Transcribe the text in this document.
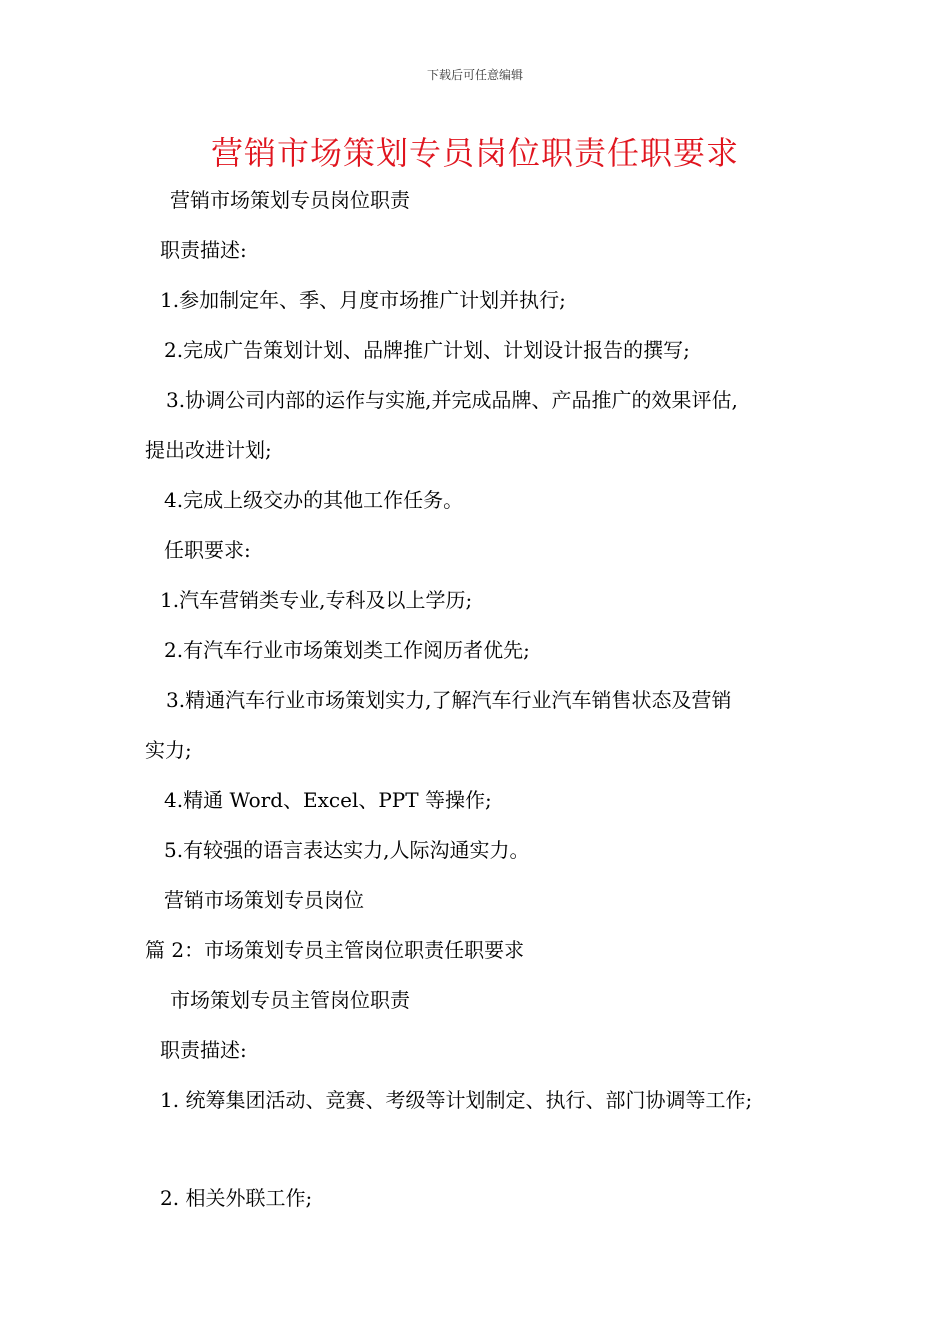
下载后可任意编辑
营销市场策划专员岗位职责任职要求
营销市场策划专员岗位职责
职责描述:
1.参加制定年、季、月度市场推广计划并执行;
2.完成广告策划计划、品牌推广计划、计划设计报告的撰写;
3.协调公司内部的运作与实施,并完成品牌、产品推广的效果评估,
提出改进计划;
4.完成上级交办的其他工作任务。
任职要求:
1.汽车营销类专业,专科及以上学历;
2.有汽车行业市场策划类工作阅历者优先;
3.精通汽车行业市场策划实力,了解汽车行业汽车销售状态及营销
实力;
4.精通 Word、Excel、PPT 等操作;
5.有较强的语言表达实力,人际沟通实力。
营销市场策划专员岗位
篇 2：市场策划专员主管岗位职责任职要求
市场策划专员主管岗位职责
职责描述:
1. 统筹集团活动、竞赛、考级等计划制定、执行、部门协调等工作;
2. 相关外联工作;
